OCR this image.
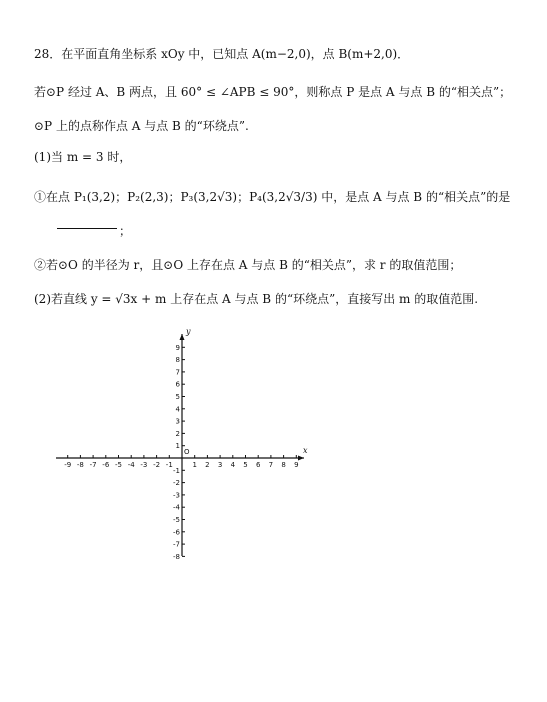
28．在平面直角坐标系 xOy 中，已知点 A(m−2,0)，点 B(m+2,0)．
若⊙P 经过 A、B 两点，且 60° ≤ ∠APB ≤ 90°，则称点 P 是点 A 与点 B 的“相关点”；
⊙P 上的点称作点 A 与点 B 的“环绕点”.
(1)当 m = 3 时，
①在点 P₁(3,2)；P₂(2,3)；P₃(3,2√3)；P₄(3,2√3/3) 中，是点 A 与点 B 的“相关点”的是
；
②若⊙O 的半径为 r，且⊙O 上存在点 A 与点 B 的“相关点”，求 r 的取值范围；
(2)若直线 y = √3x + m 上存在点 A 与点 B 的“环绕点”，直接写出 m 的取值范围.
x
y
O
-9 -8 -7 -6 -5 -4 -3 -2 -1	1 2 3 4 5 6 7 8 9
9
8
7
6
5
4
3
2
1
-1
-2
-3
-4
-5
-6
-7
-8
